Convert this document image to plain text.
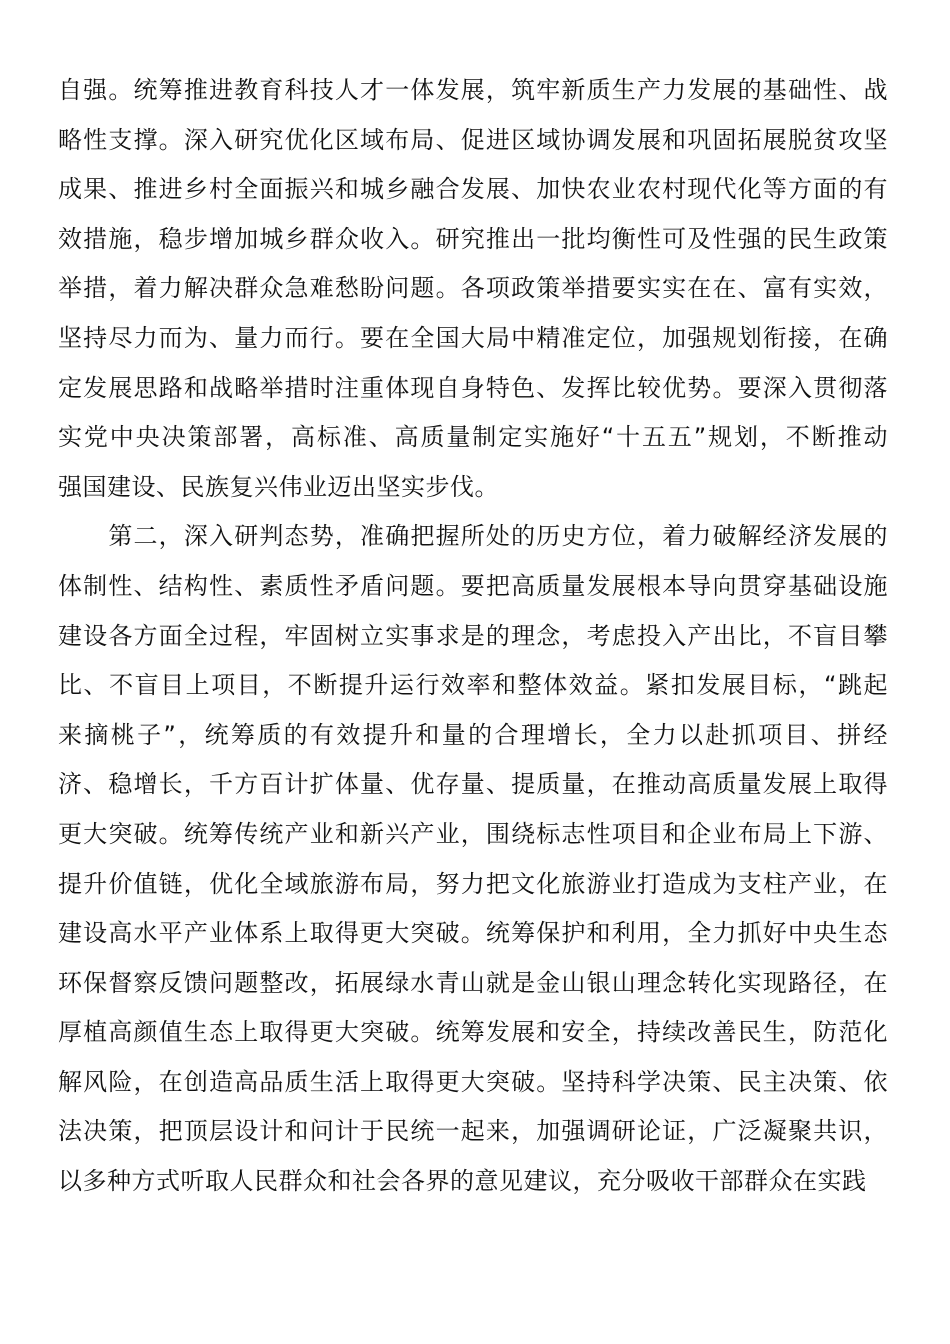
自强。统筹推进教育科技人才一体发展，筑牢新质生产力发展的基础性、战
略性支撑。深入研究优化区域布局、促进区域协调发展和巩固拓展脱贫攻坚
成果、推进乡村全面振兴和城乡融合发展、加快农业农村现代化等方面的有
效措施，稳步增加城乡群众收入。研究推出一批均衡性可及性强的民生政策
举措，着力解决群众急难愁盼问题。各项政策举措要实实在在、富有实效，
坚持尽力而为、量力而行。要在全国大局中精准定位，加强规划衔接，在确
定发展思路和战略举措时注重体现自身特色、发挥比较优势。要深入贯彻落
实党中央决策部署，高标准、高质量制定实施好“十五五”规划，不断推动
强国建设、民族复兴伟业迈出坚实步伐。
　　第二，深入研判态势，准确把握所处的历史方位，着力破解经济发展的
体制性、结构性、素质性矛盾问题。要把高质量发展根本导向贯穿基础设施
建设各方面全过程，牢固树立实事求是的理念，考虑投入产出比，不盲目攀
比、不盲目上项目，不断提升运行效率和整体效益。紧扣发展目标，“跳起
来摘桃子”，统筹质的有效提升和量的合理增长，全力以赴抓项目、拼经
济、稳增长，千方百计扩体量、优存量、提质量，在推动高质量发展上取得
更大突破。统筹传统产业和新兴产业，围绕标志性项目和企业布局上下游、
提升价值链，优化全域旅游布局，努力把文化旅游业打造成为支柱产业，在
建设高水平产业体系上取得更大突破。统筹保护和利用，全力抓好中央生态
环保督察反馈问题整改，拓展绿水青山就是金山银山理念转化实现路径，在
厚植高颜值生态上取得更大突破。统筹发展和安全，持续改善民生，防范化
解风险，在创造高品质生活上取得更大突破。坚持科学决策、民主决策、依
法决策，把顶层设计和问计于民统一起来，加强调研论证，广泛凝聚共识，
以多种方式听取人民群众和社会各界的意见建议，充分吸收干部群众在实践
